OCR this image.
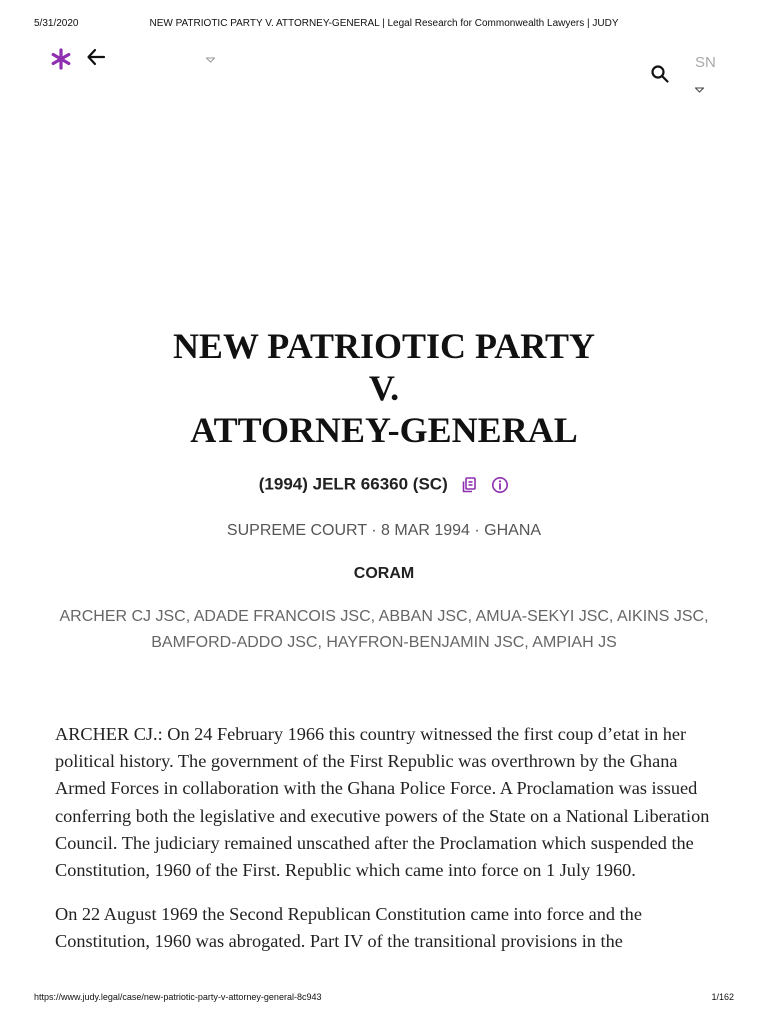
5/31/2020	NEW PATRIOTIC PARTY V. ATTORNEY-GENERAL | Legal Research for Commonwealth Lawyers | JUDY
SN
NEW PATRIOTIC PARTY
V.
ATTORNEY-GENERAL
(1994) JELR 66360 (SC)
SUPREME COURT · 8 MAR 1994 · GHANA
CORAM
ARCHER CJ JSC, ADADE FRANCOIS JSC, ABBAN JSC, AMUA-SEKYI JSC, AIKINS JSC,
BAMFORD-ADDO JSC, HAYFRON-BENJAMIN JSC, AMPIAH JS

ARCHER CJ.: On 24 February 1966 this country witnessed the first coup d’etat in her political history. The government of the First Republic was overthrown by the Ghana Armed Forces in collaboration with the Ghana Police Force. A Proclamation was issued conferring both the legislative and executive powers of the State on a National Liberation Council. The judiciary remained unscathed after the Proclamation which suspended the Constitution, 1960 of the First. Republic which came into force on 1 July 1960.

On 22 August 1969 the Second Republican Constitution came into force and the Constitution, 1960 was abrogated. Part IV of the transitional provisions in the

https://www.judy.legal/case/new-patriotic-party-v-attorney-general-8c943	1/162
